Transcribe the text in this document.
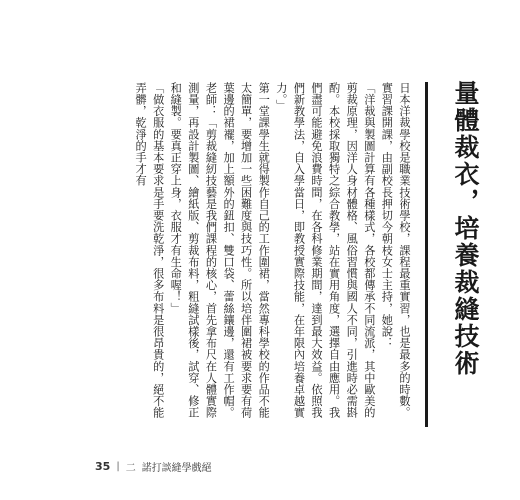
量體裁衣，培養裁縫技術

日本洋裁學校是職業技術學校，課程最重實習，也是最多的時數。實習課開課，由副校長押切今朝枝女士主持，她說：

「洋裁與製圖計算有各種樣式，各校都傳承不同流派，其中歐美的剪裁原理，因洋人身材體格、風俗習慣與國人不同，引進時必需斟酌。本校採取獨特之綜合教學，站在實用角度，選擇自由應用。我們盡可能避免浪費時間，在各科修業期間，達到最大效益。依照我們新教學法，自入學當日，即教授實際技能，在年限內培養卓越實力。」

第一堂課學生就得製作自己的工作圍裙，當然專科學校的作品不能太簡單，要增加一些困難度與技巧性。所以培伴圍裙被要求要有荷葉邊的裙襬，加上額外的鈕扣、雙口袋、蕾絲鑲邊，還有工作帽。

老師：「剪裁縫紉技藝是我們課程的核心，首先拿布尺在人體實際測量，再設計製圖、繪紙版、剪裁布料，粗縫試樣後，試穿、修正和縫製。要真正穿上身，衣服才有生命喔！」

「做衣服的基本要求是手要洗乾淨，很多布料是很昂貴的，絕不能弄髒，乾淨的手才有

35 | 二 諾打談縫學戲絕
